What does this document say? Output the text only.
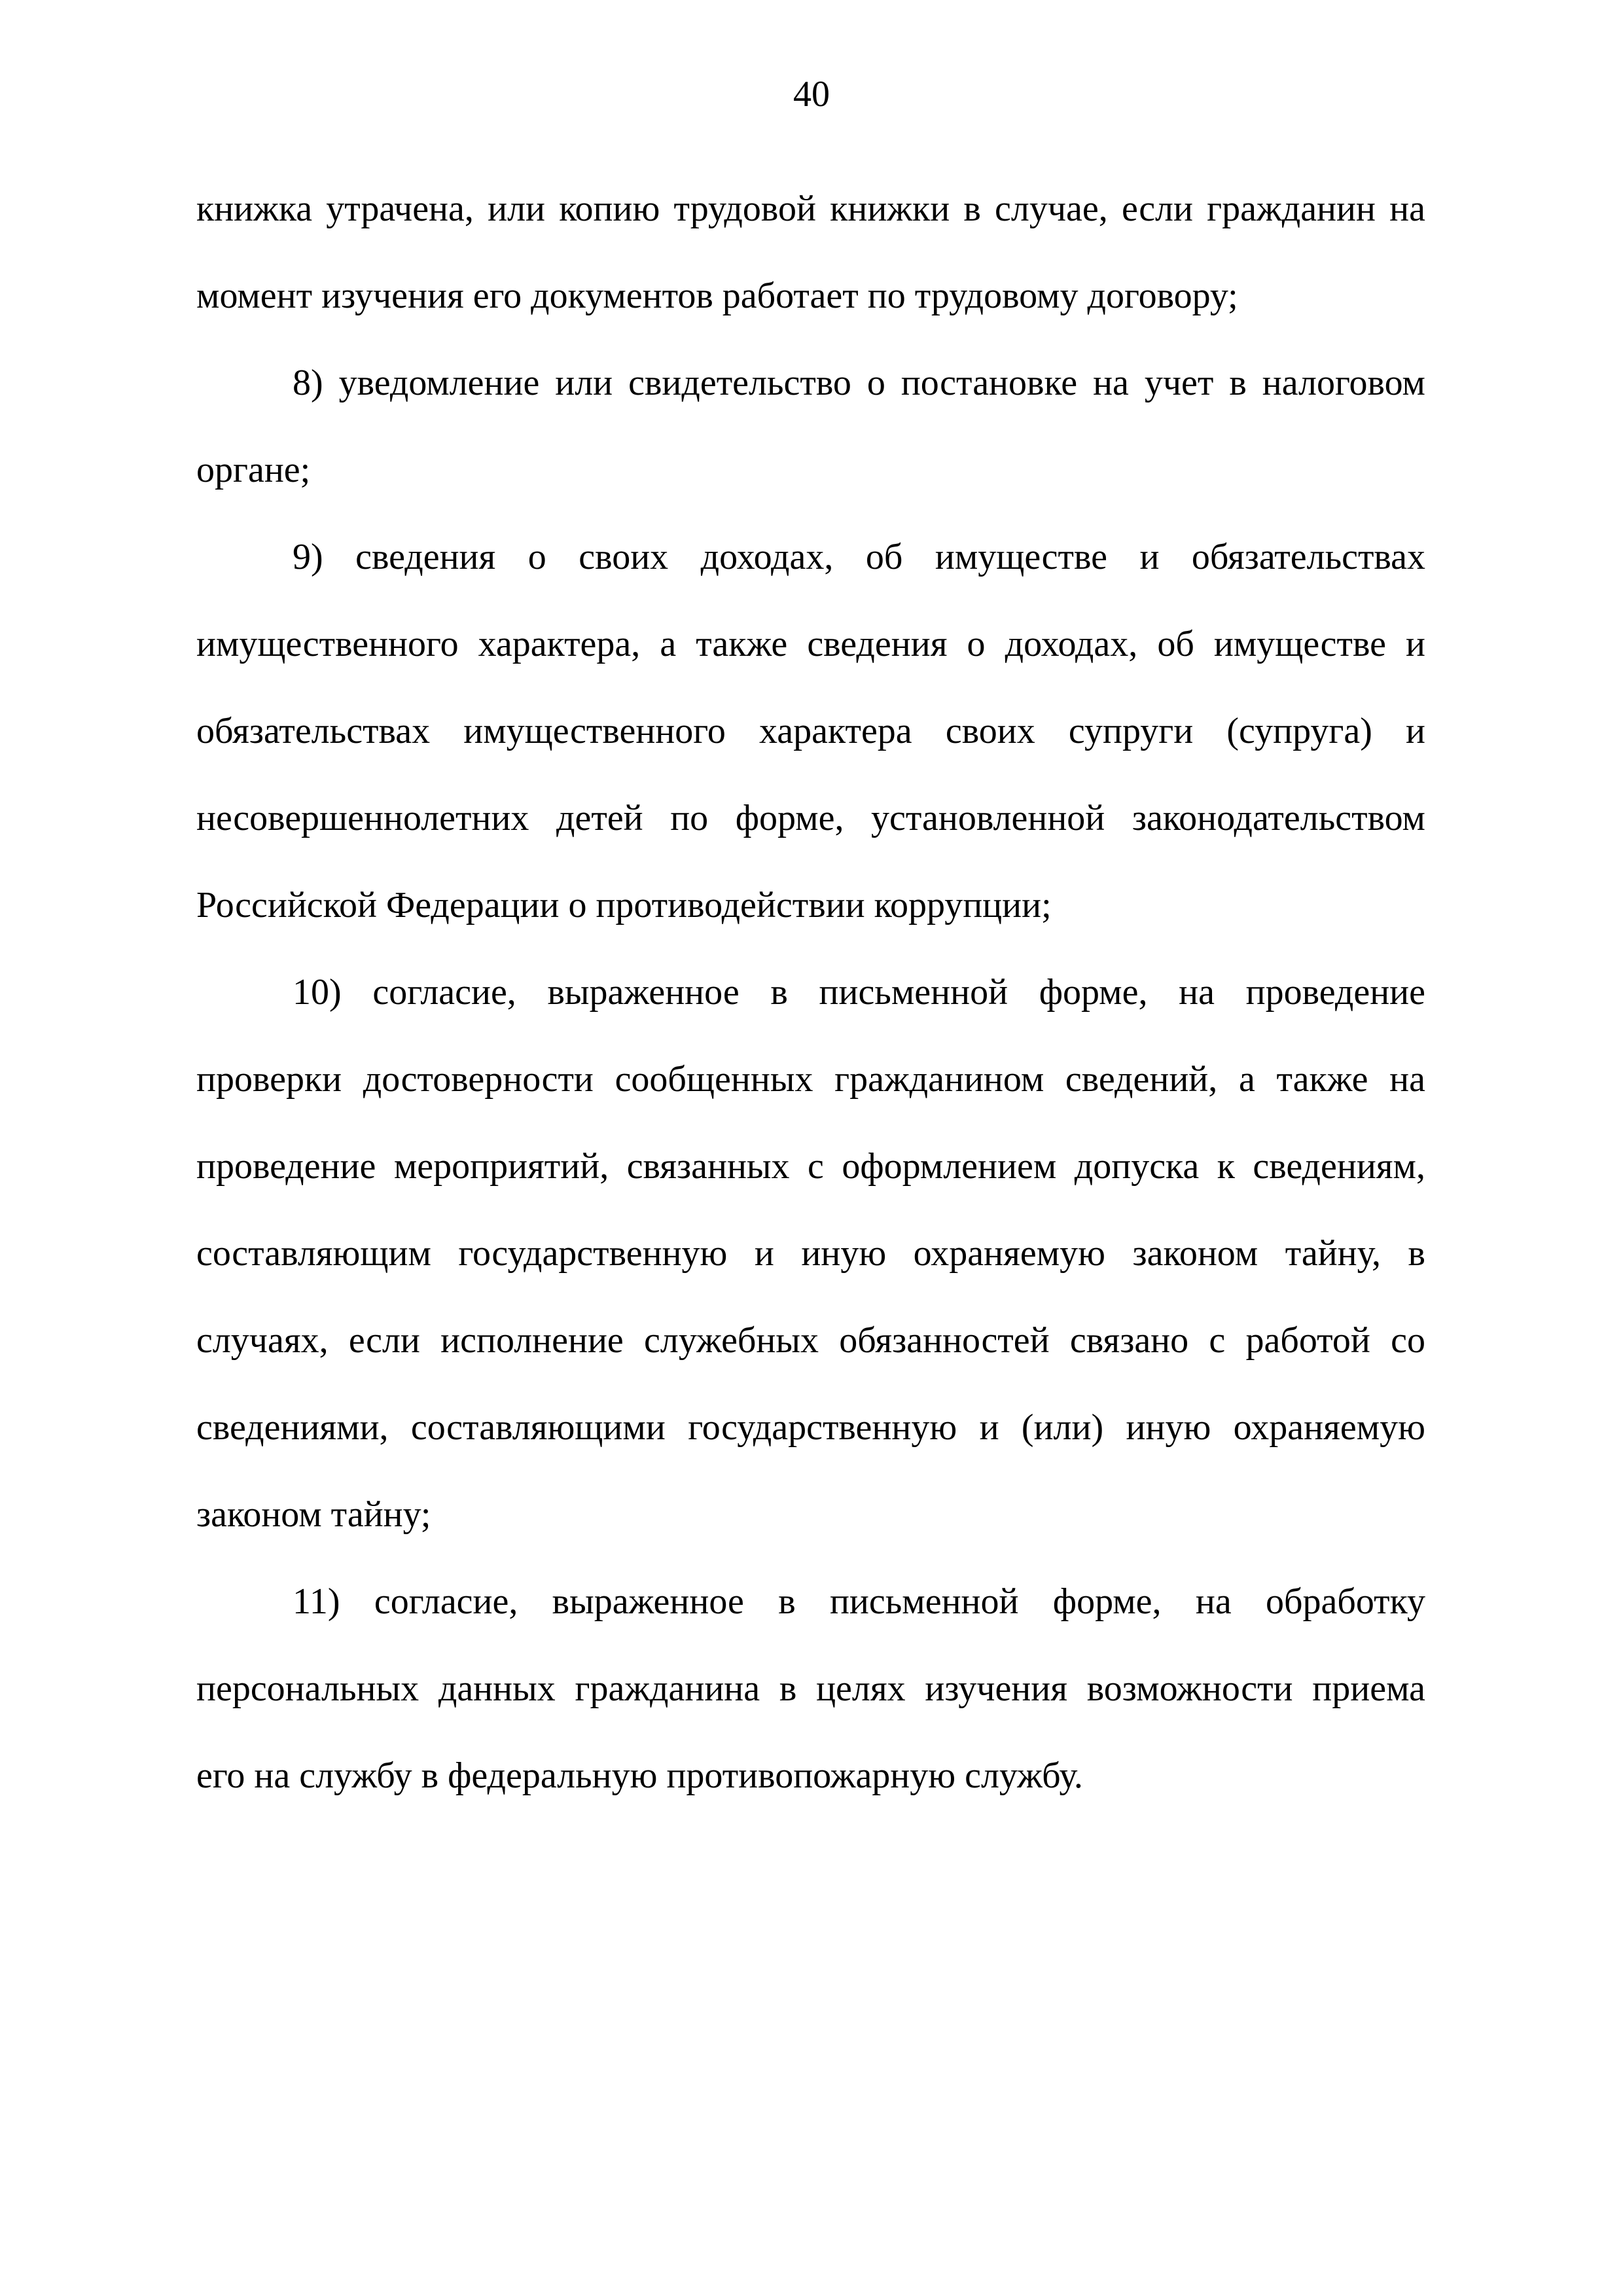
40

книжка утрачена, или копию трудовой книжки в случае, если гражданин на
момент изучения его документов работает по трудовому договору;

8) уведомление или свидетельство о постановке на учет в налоговом
органе;

9) сведения о своих доходах, об имуществе и обязательствах
имущественного характера, а также сведения о доходах, об имуществе и
обязательствах имущественного характера своих супруги (супруга) и
несовершеннолетних детей по форме, установленной законодательством
Российской Федерации о противодействии коррупции;

10) согласие, выраженное в письменной форме, на проведение
проверки достоверности сообщенных гражданином сведений, а также на
проведение мероприятий, связанных с оформлением допуска к сведениям,
составляющим государственную и иную охраняемую законом тайну, в
случаях, если исполнение служебных обязанностей связано с работой со
сведениями, составляющими государственную и (или) иную охраняемую
законом тайну;

11) согласие, выраженное в письменной форме, на обработку
персональных данных гражданина в целях изучения возможности приема
его на службу в федеральную противопожарную службу.
